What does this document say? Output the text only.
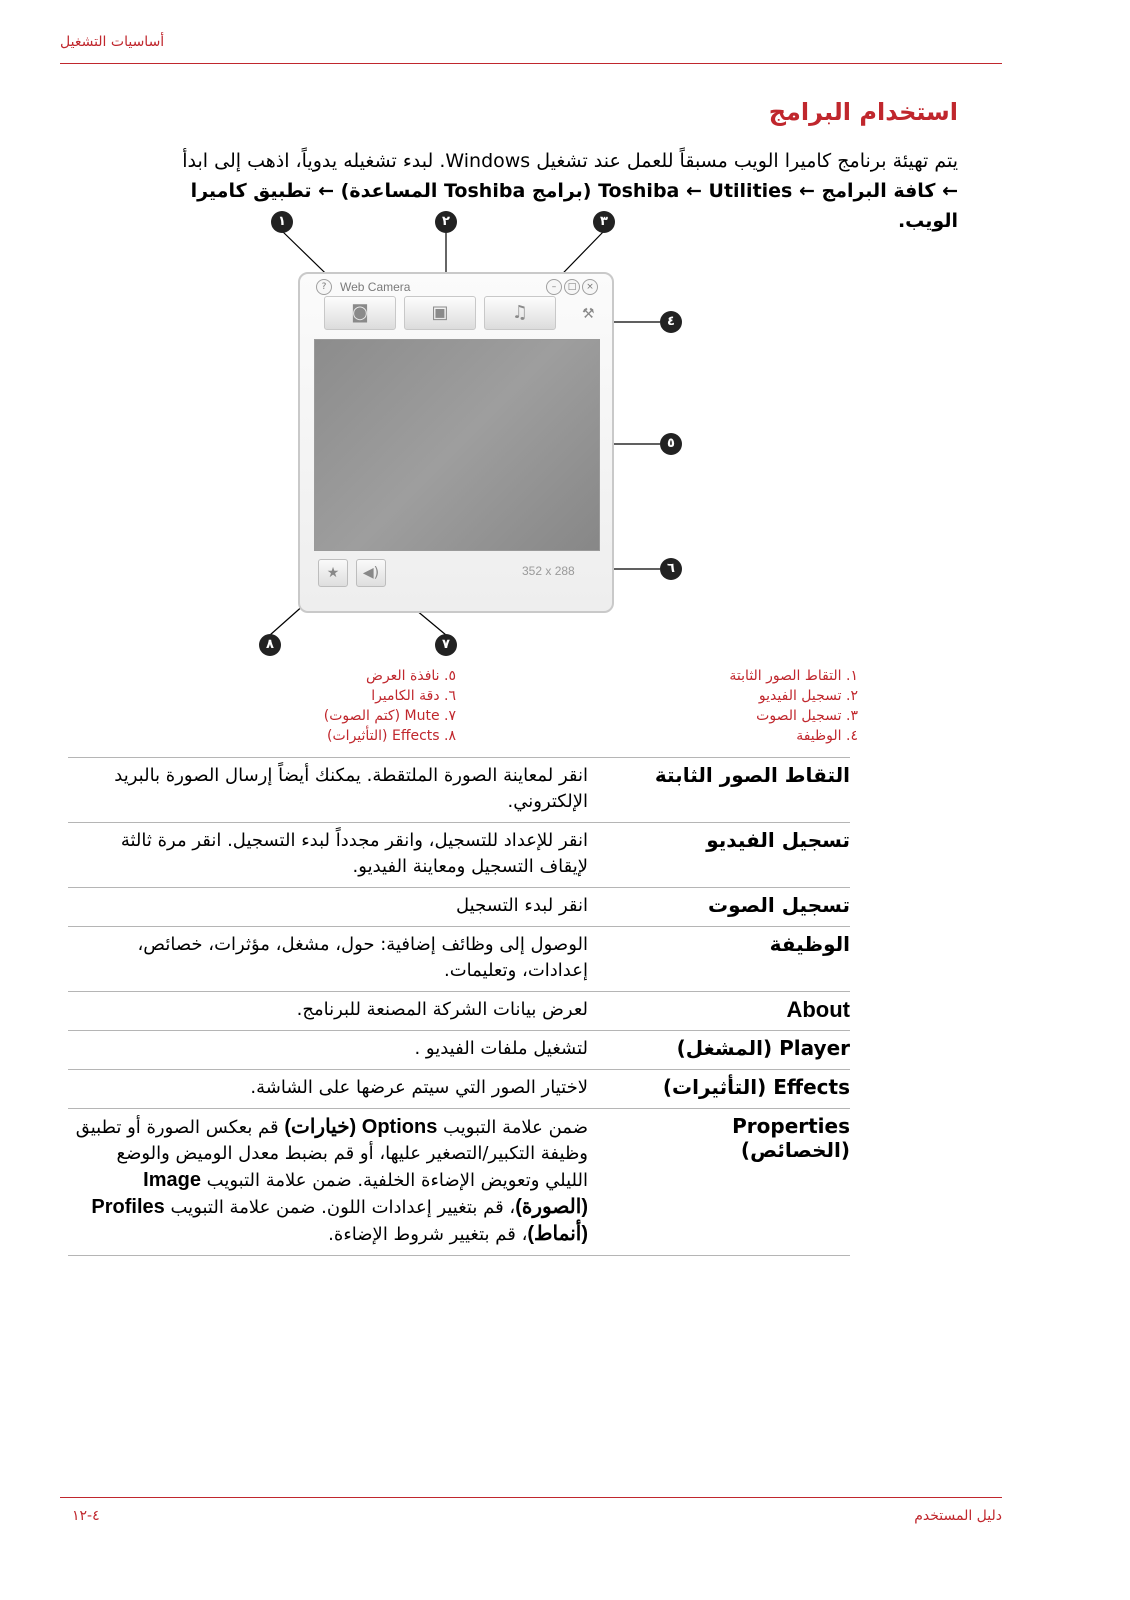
أساسيات التشغيل
استخدام البرامج
يتم تهيئة برنامج كاميرا الويب مسبقاً للعمل عند تشغيل Windows. لبدء تشغيله يدوياً، اذهب إلى ابدأ
← كافة البرامج ← Toshiba ← Utilities (برامج Toshiba المساعدة) ← تطبيق كاميرا الويب.
?	Web Camera	–	□	×
◙	▣	♫	⚒
★	◀)	352 x 288
١	٢	٣
٤
٥
٦
٧
٨
١. التقاط الصور الثابتة
٢. تسجيل الفيديو
٣. تسجيل الصوت
٤. الوظيفة
٥. نافذة العرض
٦. دقة الكاميرا
٧. Mute (كتم الصوت)
٨. Effects (التأثيرات)
التقاط الصور الثابتة
انقر لمعاينة الصورة الملتقطة. يمكنك أيضاً إرسال الصورة بالبريد الإلكتروني.
تسجيل الفيديو
انقر للإعداد للتسجيل، وانقر مجدداً لبدء التسجيل. انقر مرة ثالثة لإيقاف التسجيل ومعاينة الفيديو.
تسجيل الصوت
انقر لبدء التسجيل
الوظيفة
الوصول إلى وظائف إضافية: حول، مشغل، مؤثرات، خصائص، إعدادات، وتعليمات.
About
لعرض بيانات الشركة المصنعة للبرنامج.
Player (المشغل)
لتشغيل ملفات الفيديو .
Effects (التأثيرات)
لاختيار الصور التي سيتم عرضها على الشاشة.
Properties (الخصائص)
ضمن علامة التبويب Options (خيارات) قم بعكس الصورة أو تطبيق وظيفة التكبير/التصغير عليها، أو قم بضبط معدل الوميض والوضع الليلي وتعويض الإضاءة الخلفية. ضمن علامة التبويب Image (الصورة)، قم بتغيير إعدادات اللون. ضمن علامة التبويب Profiles (أنماط)، قم بتغيير شروط الإضاءة.
٤-١٢	دليل المستخدم
